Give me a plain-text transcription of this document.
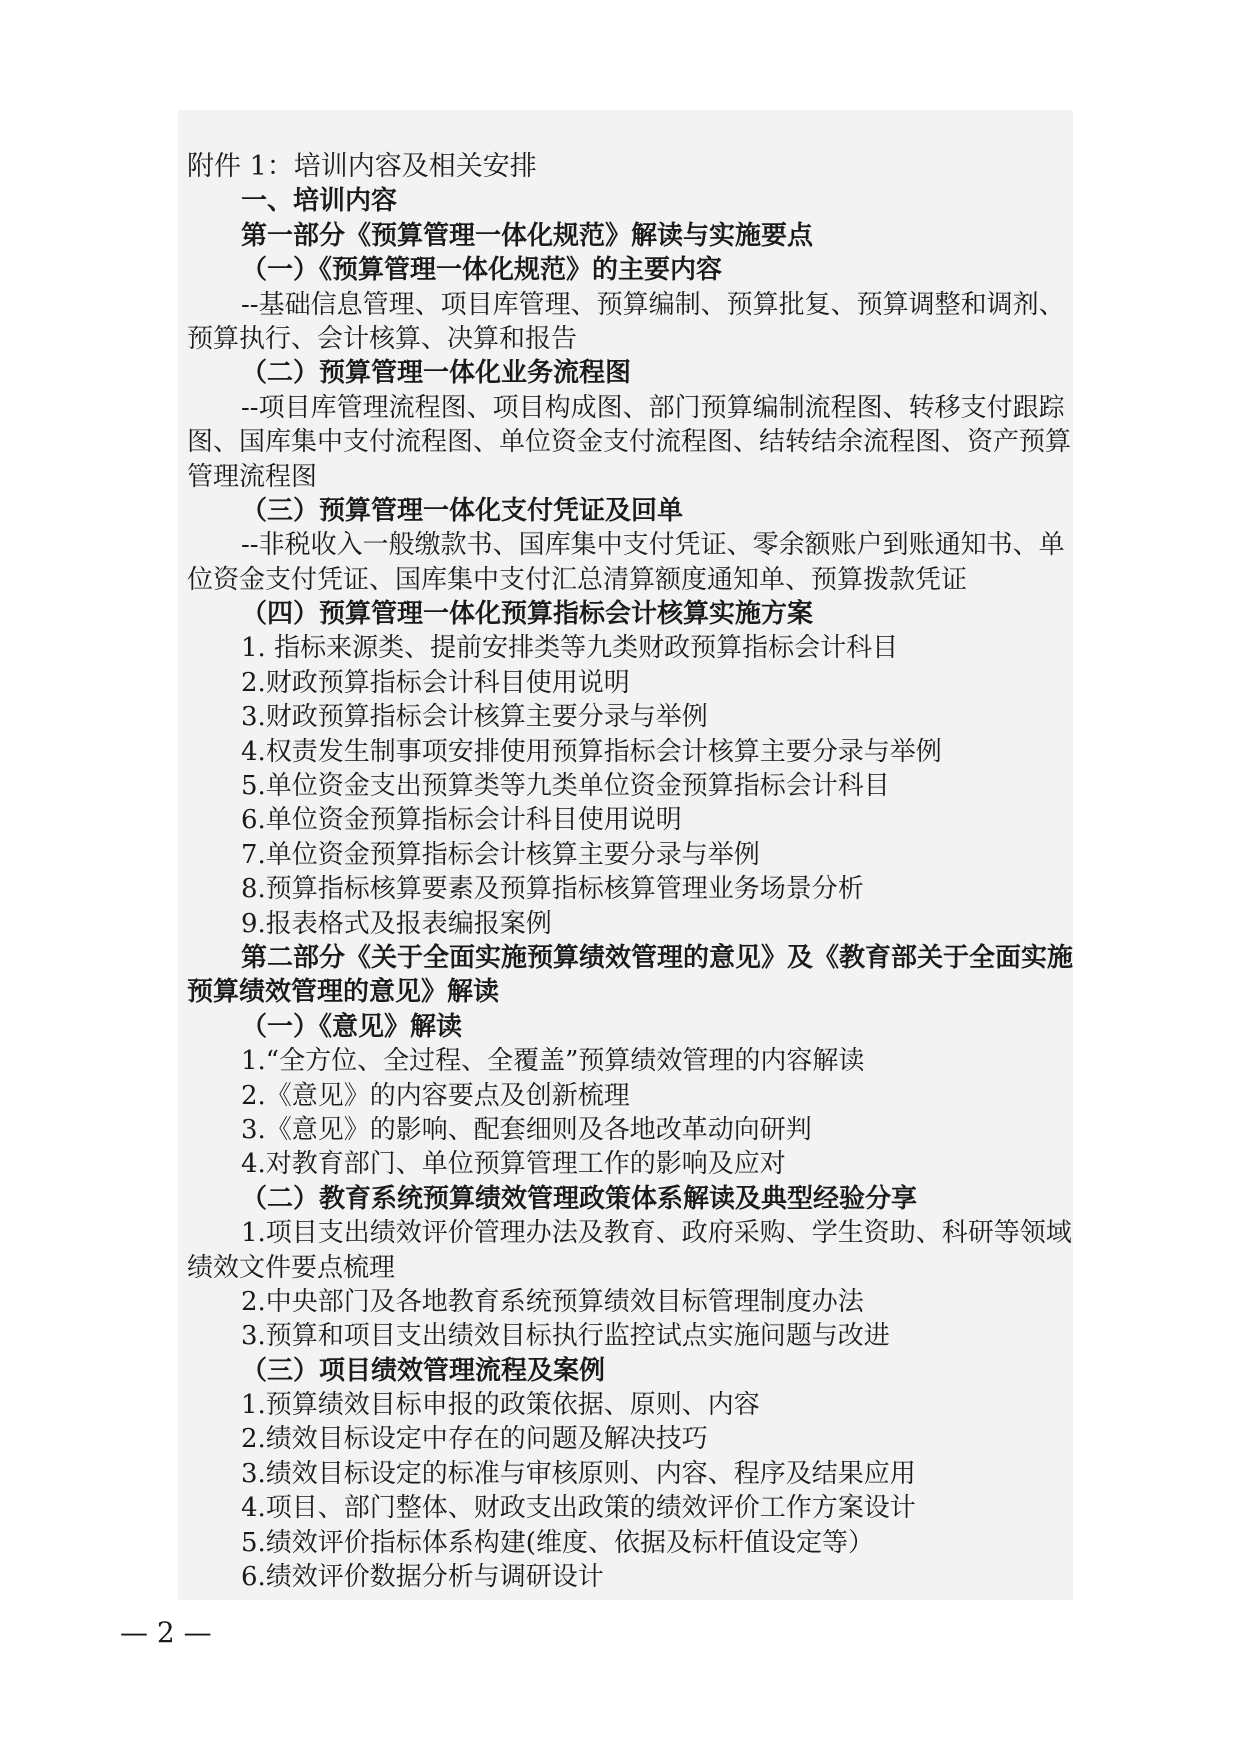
附件 1：培训内容及相关安排
一、培训内容
第一部分《预算管理一体化规范》解读与实施要点
（一）《预算管理一体化规范》的主要内容
--基础信息管理、项目库管理、预算编制、预算批复、预算调整和调剂、
预算执行、会计核算、决算和报告
（二）预算管理一体化业务流程图
--项目库管理流程图、项目构成图、部门预算编制流程图、转移支付跟踪
图、国库集中支付流程图、单位资金支付流程图、结转结余流程图、资产预算
管理流程图
（三）预算管理一体化支付凭证及回单
--非税收入一般缴款书、国库集中支付凭证、零余额账户到账通知书、单
位资金支付凭证、国库集中支付汇总清算额度通知单、预算拨款凭证
（四）预算管理一体化预算指标会计核算实施方案
1. 指标来源类、提前安排类等九类财政预算指标会计科目
2.财政预算指标会计科目使用说明
3.财政预算指标会计核算主要分录与举例
4.权责发生制事项安排使用预算指标会计核算主要分录与举例
5.单位资金支出预算类等九类单位资金预算指标会计科目
6.单位资金预算指标会计科目使用说明
7.单位资金预算指标会计核算主要分录与举例
8.预算指标核算要素及预算指标核算管理业务场景分析
9.报表格式及报表编报案例
第二部分《关于全面实施预算绩效管理的意见》及《教育部关于全面实施
预算绩效管理的意见》解读
（一）《意见》解读
1.“全方位、全过程、全覆盖”预算绩效管理的内容解读
2.《意见》的内容要点及创新梳理
3.《意见》的影响、配套细则及各地改革动向研判
4.对教育部门、单位预算管理工作的影响及应对
（二）教育系统预算绩效管理政策体系解读及典型经验分享
1.项目支出绩效评价管理办法及教育、政府采购、学生资助、科研等领域
绩效文件要点梳理
2.中央部门及各地教育系统预算绩效目标管理制度办法
3.预算和项目支出绩效目标执行监控试点实施问题与改进
（三）项目绩效管理流程及案例
1.预算绩效目标申报的政策依据、原则、内容
2.绩效目标设定中存在的问题及解决技巧
3.绩效目标设定的标准与审核原则、内容、程序及结果应用
4.项目、部门整体、财政支出政策的绩效评价工作方案设计
5.绩效评价指标体系构建(维度、依据及标杆值设定等）
6.绩效评价数据分析与调研设计
— 2 —
